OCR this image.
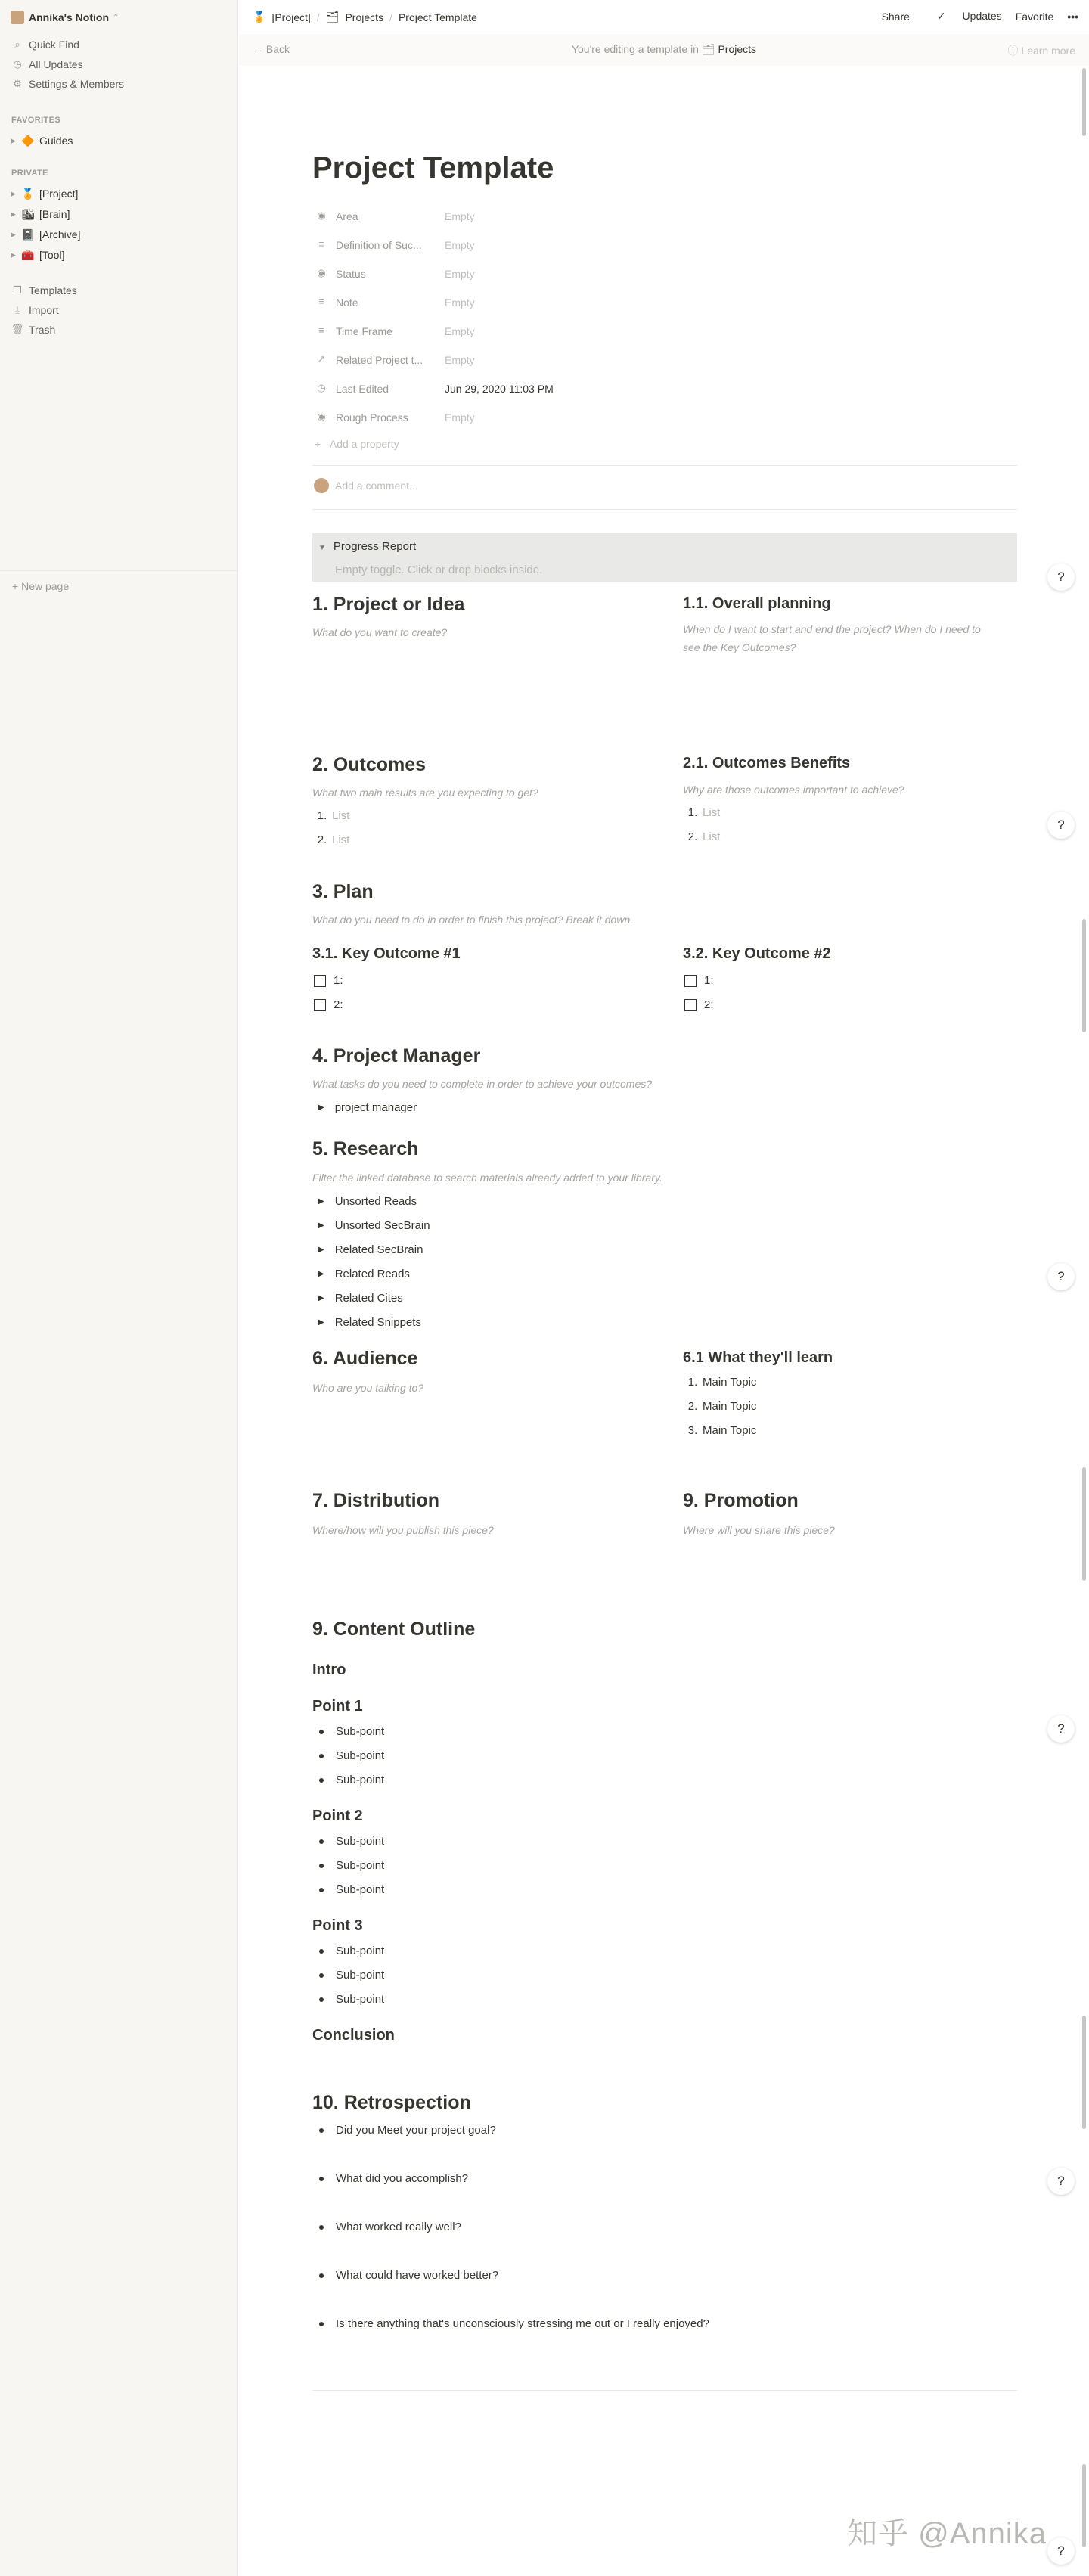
Annika's Notion ⌃
⌕ Quick Find
◷ All Updates
⚙ Settings & Members
FAVORITES
▶ 🔶 Guides
PRIVATE
▶ 🏅 [Project]
▶ 🏙 [Brain]
▶ 📓 [Archive]
▶ 🧰 [Tool]
❐ Templates
⤓ Import
🗑 Trash
+ New page
🏅 [Project] / 🗂 Projects / Project Template	Share	✓ Updates Favorite •••
← Back	You're editing a template in 🗂 Projects	ⓘ Learn more
Project Template
◉ Area	Empty
≡	Definition of Suc...	Empty
◉ Status	Empty
≡	Note	Empty
≡	Time Frame	Empty
↗ Related Project t...	Empty
◷ Last Edited	Jun 29, 2020 11:03 PM
◉ Rough Process	Empty
+   Add a property
Add a comment...
▼ Progress Report
Empty toggle. Click or drop blocks inside.
1. Project or Idea
What do you want to create?
1.1. Overall planning
When do I want to start and end the project? When do I need to see the Key Outcomes?
2. Outcomes
What two main results are you expecting to get?
1. List
2. List
2.1. Outcomes Benefits
Why are those outcomes important to achieve?
1. List
2. List
3. Plan
What do you need to do in order to finish this project? Break it down.
3.1. Key Outcome #1
1:
2:
3.2. Key Outcome #2
1:
2:
4. Project Manager
What tasks do you need to complete in order to achieve your outcomes?
▶ project manager
5. Research
Filter the linked database to search materials already added to your library.
▶ Unsorted Reads
▶ Unsorted SecBrain
▶ Related SecBrain
▶ Related Reads
▶ Related Cites
▶ Related Snippets
6. Audience
Who are you talking to?
6.1 What they'll learn
1. Main Topic
2. Main Topic
3. Main Topic
7. Distribution
Where/how will you publish this piece?
9. Promotion
Where will you share this piece?
9. Content Outline
Intro
Point 1
Sub-point
Sub-point
Sub-point
Point 2
Sub-point
Sub-point
Sub-point
Point 3
Sub-point
Sub-point
Sub-point
Conclusion
10. Retrospection
Did you Meet your project goal?
What did you accomplish?
What worked really well?
What could have worked better?
Is there anything that's unconsciously stressing me out or I really enjoyed?
?
?
?
?
?
?
知乎 @Annika
